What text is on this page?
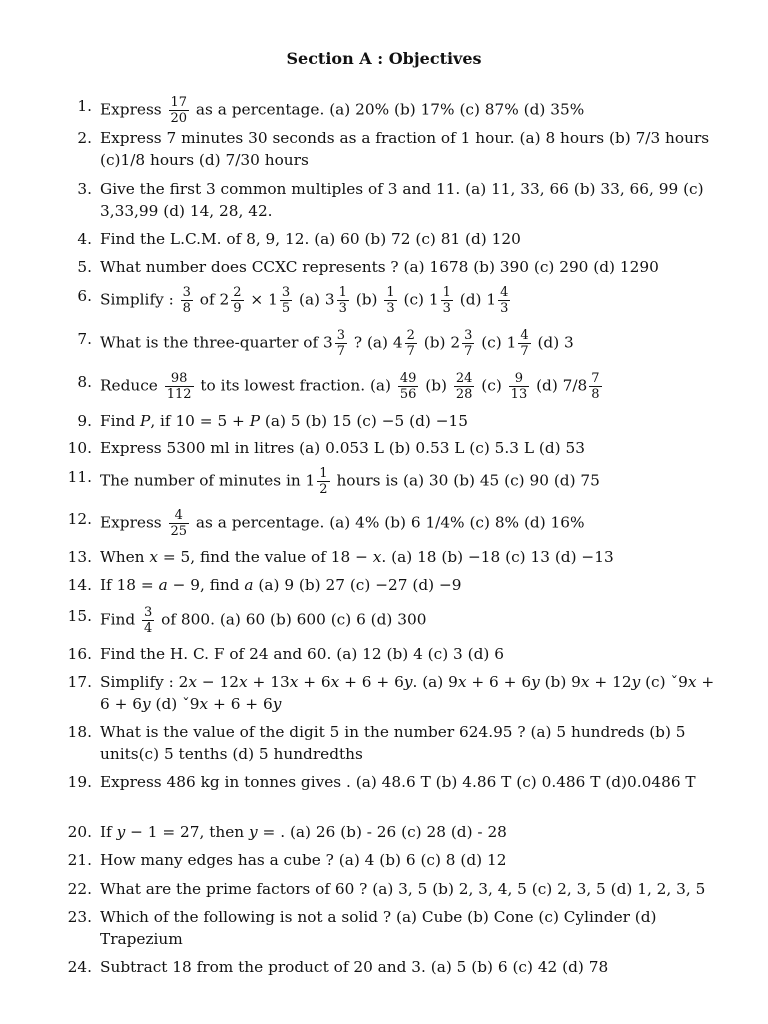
Section A : Objectives
1. Express $\frac{17}{20}$ as a percentage. (a) 20% (b) 17% (c) 87% (d) 35%
2. Express 7 minutes 30 seconds as a fraction of 1 hour. (a) 8 hours (b) 7/3 hours (c)1/8 hours (d) 7/30 hours
3. Give the first 3 common multiples of 3 and 11. (a) 11, 33, 66 (b) 33, 66, 99 (c) 3,33,99 (d) 14, 28, 42.
4. Find the L.C.M. of 8, 9, 12. (a) 60 (b) 72 (c) 81 (d) 120
5. What number does CCXC represents ? (a) 1678 (b) 390 (c) 290 (d) 1290
6. Simplify : $\frac{3}{8}$ of $2 \frac{2}{9} \times 1 \frac{3}{5} (a)$ $3 \frac{1}{3} (b) \frac{1}{3} (c)$ $1 \frac{1}{3} (d)$ $1 \frac{4}{3}$
7. What is the three-quarter of $3 \frac{3}{7}$ ? (a) $4 \frac{2}{7} (b)$ $2 \frac{3}{7} (c)$ $1 \frac{4}{7} (d)$ 3
8. Reduce $\frac{98}{112}$ to its lowest fraction. $(a) \frac{49}{56} (b) \frac{24}{28} (c) \frac{9}{13} (d)$ $7/8 \frac{7}{8}$
9. Find P, if 10 = 5 + P (a) 5 (b) 15 (c) −5 (d) −15
10. Express 5300 ml in litres (a) 0.053 L (b) 0.53 L (c) 5.3 L (d) 53
11. The number of minutes in $1 \frac{1}{2}$ hours is (a) 30 (b) 45 (c) 90 (d) 75
12. Express $\frac{4}{25}$ as a percentage. (a) 4% (b) 6 1/4% (c) 8% (d) 16%
13. When x = 5, find the value of 18 − x. (a) 18 (b) −18 (c) 13 (d) −13
14. If 18 = a − 9, find a (a) 9 (b) 27 (c) −27 (d) −9
15. Find $\frac{3}{4}$ of 800. (a) 60 (b) 600 (c) 6 (d) 300
16. Find the H. C. F of 24 and 60. (a) 12 (b) 4 (c) 3 (d) 6
17. Simplify : 2x − 12x + 13x + 6x + 6 + 6y. (a) 9x + 6 + 6y (b) 9x + 12y (c) ˇ9x + 6 + 6y (d) ˇ9x + 6 + 6y
18. What is the value of the digit 5 in the number 624.95 ? (a) 5 hundreds (b) 5 units(c) 5 tenths (d) 5 hundredths
19. Express 486 kg in tonnes gives . (a) 48.6 T (b) 4.86 T (c) 0.486 T (d)0.0486 T
20. If y − 1 = 27, then y = . (a) 26 (b) - 26 (c) 28 (d) - 28
21. How many edges has a cube ? (a) 4 (b) 6 (c) 8 (d) 12
22. What are the prime factors of 60 ? (a) 3, 5 (b) 2, 3, 4, 5 (c) 2, 3, 5 (d) 1, 2, 3, 5
23. Which of the following is not a solid ? (a) Cube (b) Cone (c) Cylinder (d) Trapezium
24. Subtract 18 from the product of 20 and 3. (a) 5 (b) 6 (c) 42 (d) 78
